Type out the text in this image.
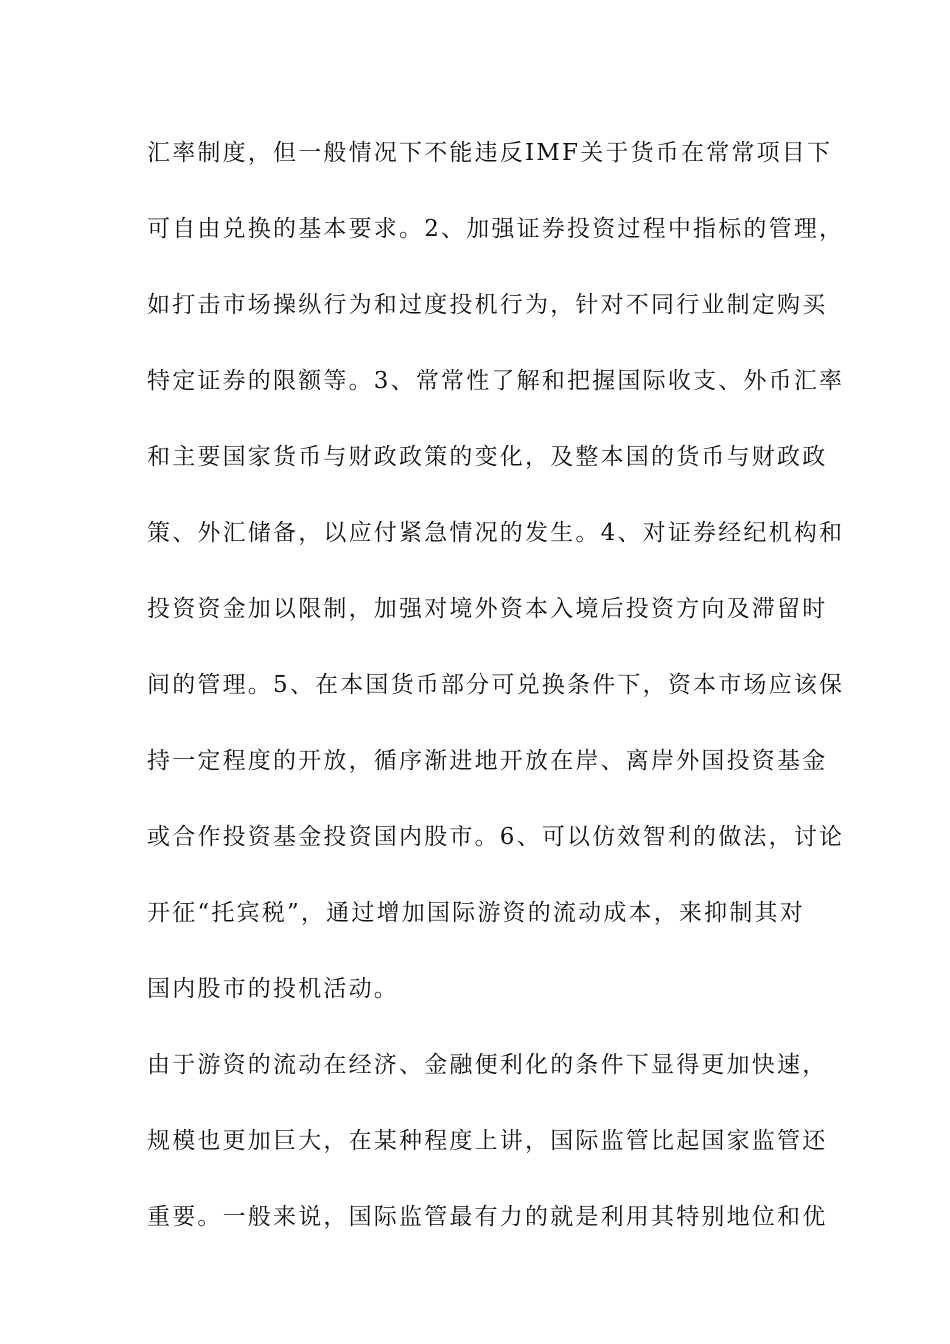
汇率制度，但一般情况下不能违反IMF关于货币在常常项目下
可自由兑换的基本要求。2、加强证券投资过程中指标的管理，
如打击市场操纵行为和过度投机行为，针对不同行业制定购买
特定证券的限额等。3、常常性了解和把握国际收支、外币汇率
和主要国家货币与财政政策的变化，及整本国的货币与财政政
策、外汇储备，以应付紧急情况的发生。4、对证券经纪机构和
投资资金加以限制，加强对境外资本入境后投资方向及滞留时
间的管理。5、在本国货币部分可兑换条件下，资本市场应该保
持一定程度的开放，循序渐进地开放在岸、离岸外国投资基金
或合作投资基金投资国内股市。6、可以仿效智利的做法，讨论
开征“托宾税”，通过增加国际游资的流动成本，来抑制其对
国内股市的投机活动。
由于游资的流动在经济、金融便利化的条件下显得更加快速，
规模也更加巨大，在某种程度上讲，国际监管比起国家监管还
重要。一般来说，国际监管最有力的就是利用其特别地位和优
